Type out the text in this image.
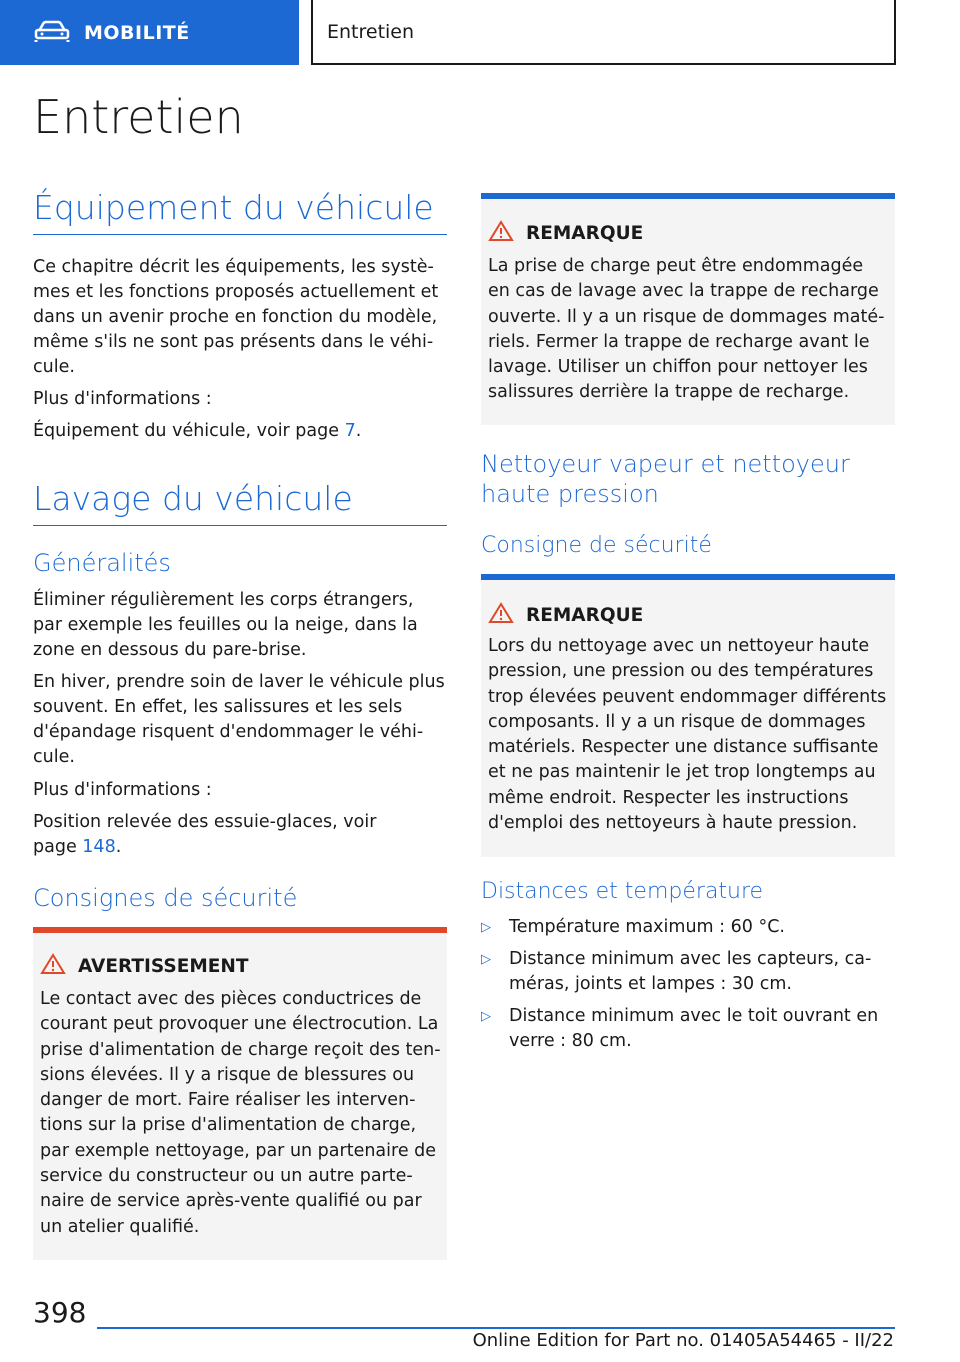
MOBILITÉ	Entretien
Entretien
Équipement du véhicule
Ce chapitre décrit les équipements, les systè- mes et les fonctions proposés actuellement et dans un avenir proche en fonction du modèle, même s'ils ne sont pas présents dans le véhi- cule.
Plus d'informations :
Équipement du véhicule, voir page 7.
Lavage du véhicule
Généralités
Éliminer régulièrement les corps étrangers, par exemple les feuilles ou la neige, dans la zone en dessous du pare-brise.
En hiver, prendre soin de laver le véhicule plus souvent. En effet, les salissures et les sels d'épandage risquent d'endommager le véhi- cule.
Plus d'informations :
Position relevée des essuie-glaces, voir page 148.
Consignes de sécurité
AVERTISSEMENT
Le contact avec des pièces conductrices de courant peut provoquer une électrocution. La prise d'alimentation de charge reçoit des ten- sions élevées. Il y a risque de blessures ou danger de mort. Faire réaliser les interven- tions sur la prise d'alimentation de charge, par exemple nettoyage, par un partenaire de service du constructeur ou un autre parte- naire de service après-vente qualifié ou par un atelier qualifié.
REMARQUE
La prise de charge peut être endommagée en cas de lavage avec la trappe de recharge ouverte. Il y a un risque de dommages maté- riels. Fermer la trappe de recharge avant le lavage. Utiliser un chiffon pour nettoyer les salissures derrière la trappe de recharge.
Nettoyeur vapeur et nettoyeur haute pression
Consigne de sécurité
REMARQUE
Lors du nettoyage avec un nettoyeur haute pression, une pression ou des températures trop élevées peuvent endommager différents composants. Il y a un risque de dommages matériels. Respecter une distance suffisante et ne pas maintenir le jet trop longtemps au même endroit. Respecter les instructions d'emploi des nettoyeurs à haute pression.
Distances et température
▷	Température maximum : 60 °C.
▷	Distance minimum avec les capteurs, ca- méras, joints et lampes : 30 cm.
▷	Distance minimum avec le toit ouvrant en verre : 80 cm.
398
Online Edition for Part no. 01405A54465 - II/22
